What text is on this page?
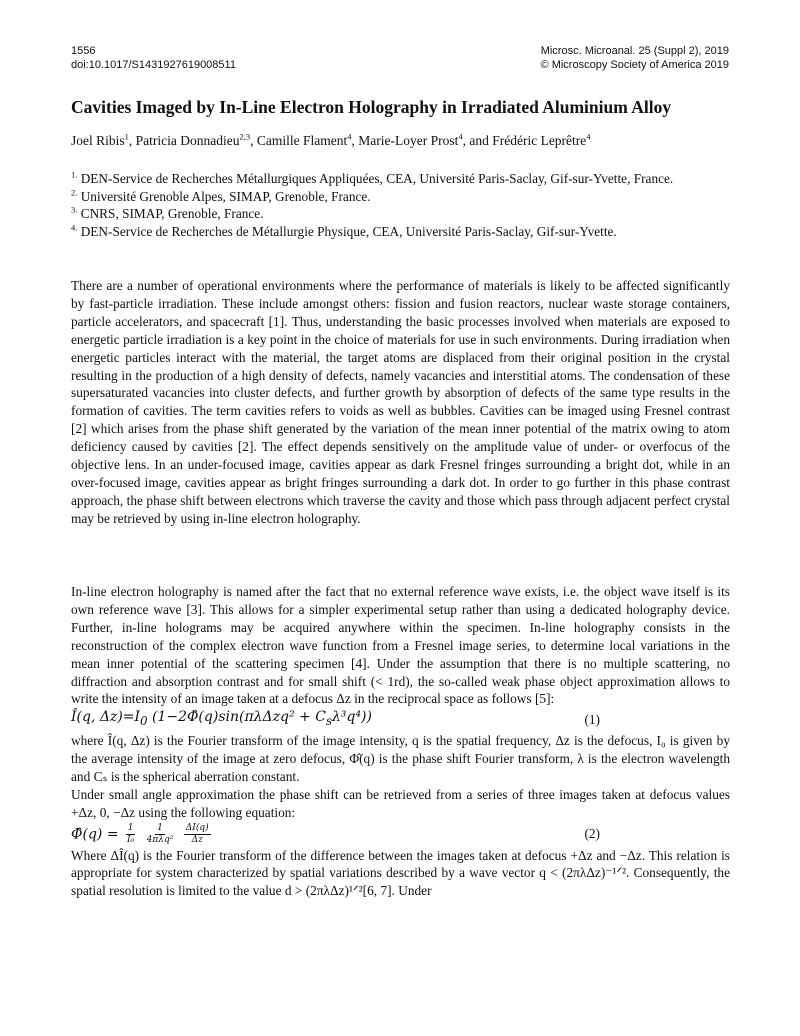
1556
doi:10.1017/S1431927619008511
Microsc. Microanal. 25 (Suppl 2), 2019
© Microscopy Society of America 2019
Cavities Imaged by In-Line Electron Holography in Irradiated Aluminium Alloy
Joel Ribis$^1$, Patricia Donnadieu$^{2,3}$, Camille Flament$^4$, Marie-Loyer Prost$^4$, and Frédéric Leprêtre$^4$
$^{1.}$ DEN-Service de Recherches Métallurgiques Appliquées, CEA, Université Paris-Saclay, Gif-sur-Yvette, France.
$^{2.}$ Université Grenoble Alpes, SIMAP, Grenoble, France.
$^{3.}$ CNRS, SIMAP, Grenoble, France.
$^{4.}$ DEN-Service de Recherches de Métallurgie Physique, CEA, Université Paris-Saclay, Gif-sur-Yvette.

There are a number of operational environments where the performance of materials is likely to be affected significantly by fast-particle irradiation. These include amongst others: fission and fusion reactors, nuclear waste storage containers, particle accelerators, and spacecraft [1]. Thus, understanding the basic processes involved when materials are exposed to energetic particle irradiation is a key point in the choice of materials for use in such environments. During irradiation when energetic particles interact with the material, the target atoms are displaced from their original position in the crystal resulting in the production of a high density of defects, namely vacancies and interstitial atoms. The condensation of these supersaturated vacancies into cluster defects, and further growth by absorption of defects of the same type results in the formation of cavities. The term cavities refers to voids as well as bubbles. Cavities can be imaged using Fresnel contrast [2] which arises from the phase shift generated by the variation of the mean inner potential of the matrix owing to atom deficiency caused by cavities [2]. The effect depends sensitively on the amplitude value of under- or overfocus of the objective lens. In an under-focused image, cavities appear as dark Fresnel fringes surrounding a bright dot, while in an over-focused image, cavities appear as bright fringes surrounding a dark dot. In order to go further in this phase contrast approach, the phase shift between electrons which traverse the cavity and those which pass through adjacent perfect crystal may be retrieved by using in-line electron holography.

In-line electron holography is named after the fact that no external reference wave exists, i.e. the object wave itself is its own reference wave [3]. This allows for a simpler experimental setup rather than using a dedicated holography device. Further, in-line holograms may be acquired anywhere within the specimen. In-line holography consists in the reconstruction of the complex electron wave function from a Fresnel image series, to determine local variations in the mean inner potential of the scattering specimen [4]. Under the assumption that there is no multiple scattering, no diffraction and absorption contrast and for small shift (< 1rd), the so-called weak phase object approximation allows to write the intensity of an image taken at a defocus Δz in the reciprocal space as follows [5]:

Î(q, $\Delta z)=I_0$ (1−2Φ̂(q)sin(πλΔzq² + $C_s\lambda^3q^4$))	(1)

where Î(q, Δz) is the Fourier transform of the image intensity, q is the spatial frequency, Δz is the defocus, I₀ is given by the average intensity of the image at zero defocus, Φ̂(q) is the phase shift Fourier transform, λ is the electron wavelength and Cₛ is the spherical aberration constant.

Under small angle approximation the phase shift can be retrieved from a series of three images taken at defocus values +Δz, 0, −Δz using the following equation:

Φ̂(q) = $\frac{1}{\text{I₀}}$
$\frac{1}{\text{4πλq²}}$
$\frac{\Delta I(q)}{\Delta z}$	(2)

Where ΔÎ(q) is the Fourier transform of the difference between the images taken at defocus +Δz and −Δz. This relation is appropriate for system characterized by spatial variations described by a wave vector q < (2πλΔz)⁻¹ᐟ². Consequently, the spatial resolution is limited to the value d > (2πλΔz)¹ᐟ²[6, 7]. Under
